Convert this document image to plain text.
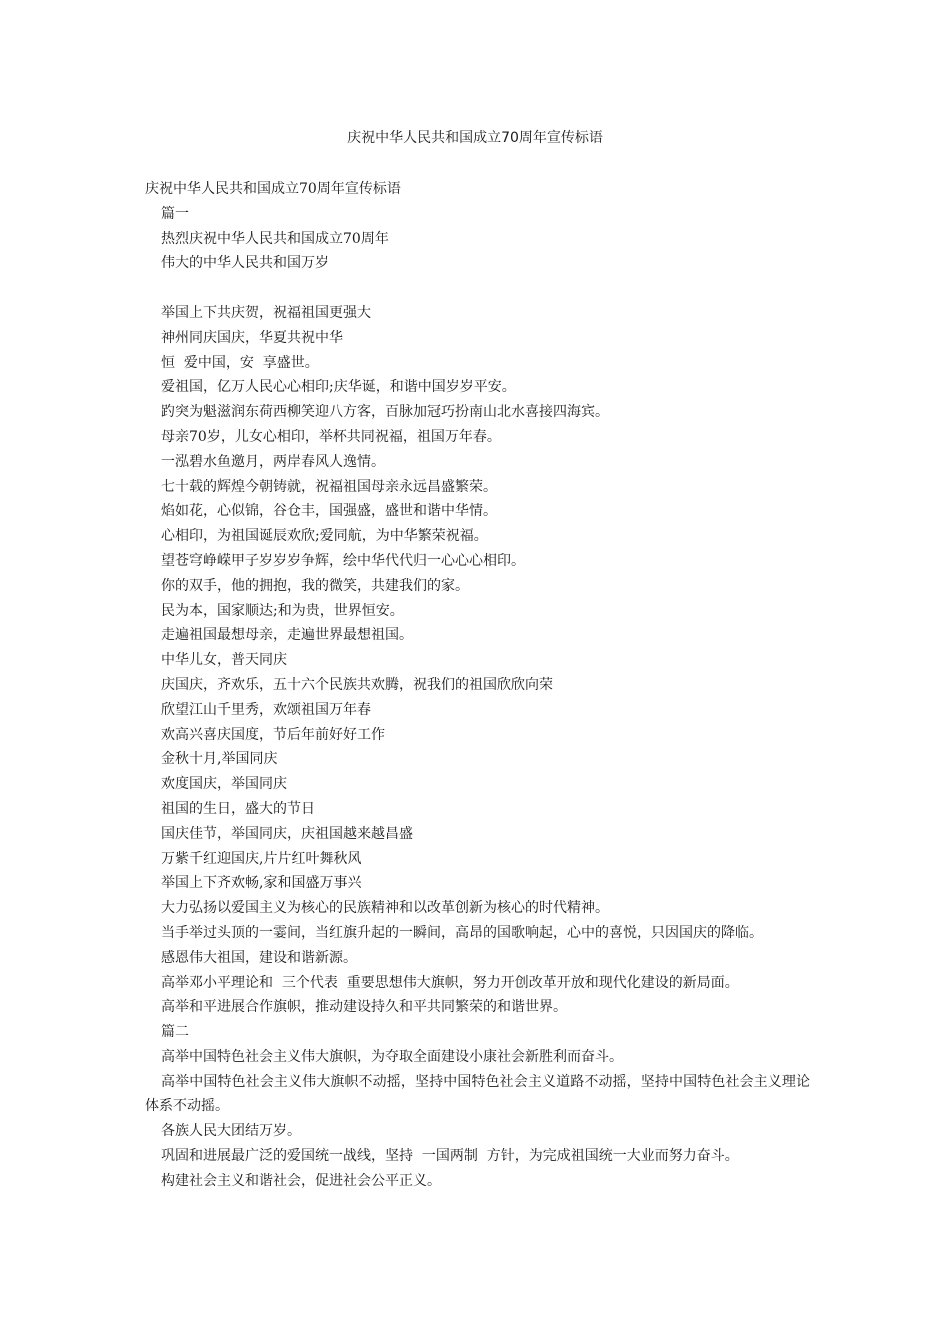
庆祝中华人民共和国成立70周年宣传标语
庆祝中华人民共和国成立70周年宣传标语
篇一
热烈庆祝中华人民共和国成立70周年
伟大的中华人民共和国万岁
举国上下共庆贺，祝福祖国更强大
神州同庆国庆，华夏共祝中华
恒  爱中国，安  享盛世。
爱祖国，亿万人民心心相印;庆华诞，和谐中国岁岁平安。
趵突为魁滋润东荷西柳笑迎八方客，百脉加冠巧扮南山北水喜接四海宾。
母亲70岁，儿女心相印，举杯共同祝福，祖国万年春。
一泓碧水鱼邀月，两岸春风人逸情。
七十载的辉煌今朝铸就，祝福祖国母亲永远昌盛繁荣。
焰如花，心似锦，谷仓丰，国强盛，盛世和谐中华情。
心相印，为祖国诞辰欢欣;爱同航，为中华繁荣祝福。
望苍穹峥嵘甲子岁岁岁争辉，绘中华代代归一心心心相印。
你的双手，他的拥抱，我的微笑，共建我们的家。
民为本，国家顺达;和为贵，世界恒安。
走遍祖国最想母亲，走遍世界最想祖国。
中华儿女，普天同庆
庆国庆，齐欢乐，五十六个民族共欢腾，祝我们的祖国欣欣向荣
欣望江山千里秀，欢颂祖国万年春
欢高兴喜庆国度，节后年前好好工作
金秋十月,举国同庆
欢度国庆，举国同庆
祖国的生日，盛大的节日
国庆佳节，举国同庆，庆祖国越来越昌盛
万紫千红迎国庆,片片红叶舞秋风
举国上下齐欢畅,家和国盛万事兴
大力弘扬以爱国主义为核心的民族精神和以改革创新为核心的时代精神。
当手举过头顶的一霎间，当红旗升起的一瞬间，高昂的国歌响起，心中的喜悦，只因国庆的降临。
感恩伟大祖国，建设和谐新源。
高举邓小平理论和  三个代表  重要思想伟大旗帜，努力开创改革开放和现代化建设的新局面。
高举和平进展合作旗帜，推动建设持久和平共同繁荣的和谐世界。
篇二
高举中国特色社会主义伟大旗帜，为夺取全面建设小康社会新胜利而奋斗。
高举中国特色社会主义伟大旗帜不动摇，坚持中国特色社会主义道路不动摇，坚持中国特色社会主义理论体系不动摇。
各族人民大团结万岁。
巩固和进展最广泛的爱国统一战线，坚持  一国两制  方针，为完成祖国统一大业而努力奋斗。
构建社会主义和谐社会，促进社会公平正义。
